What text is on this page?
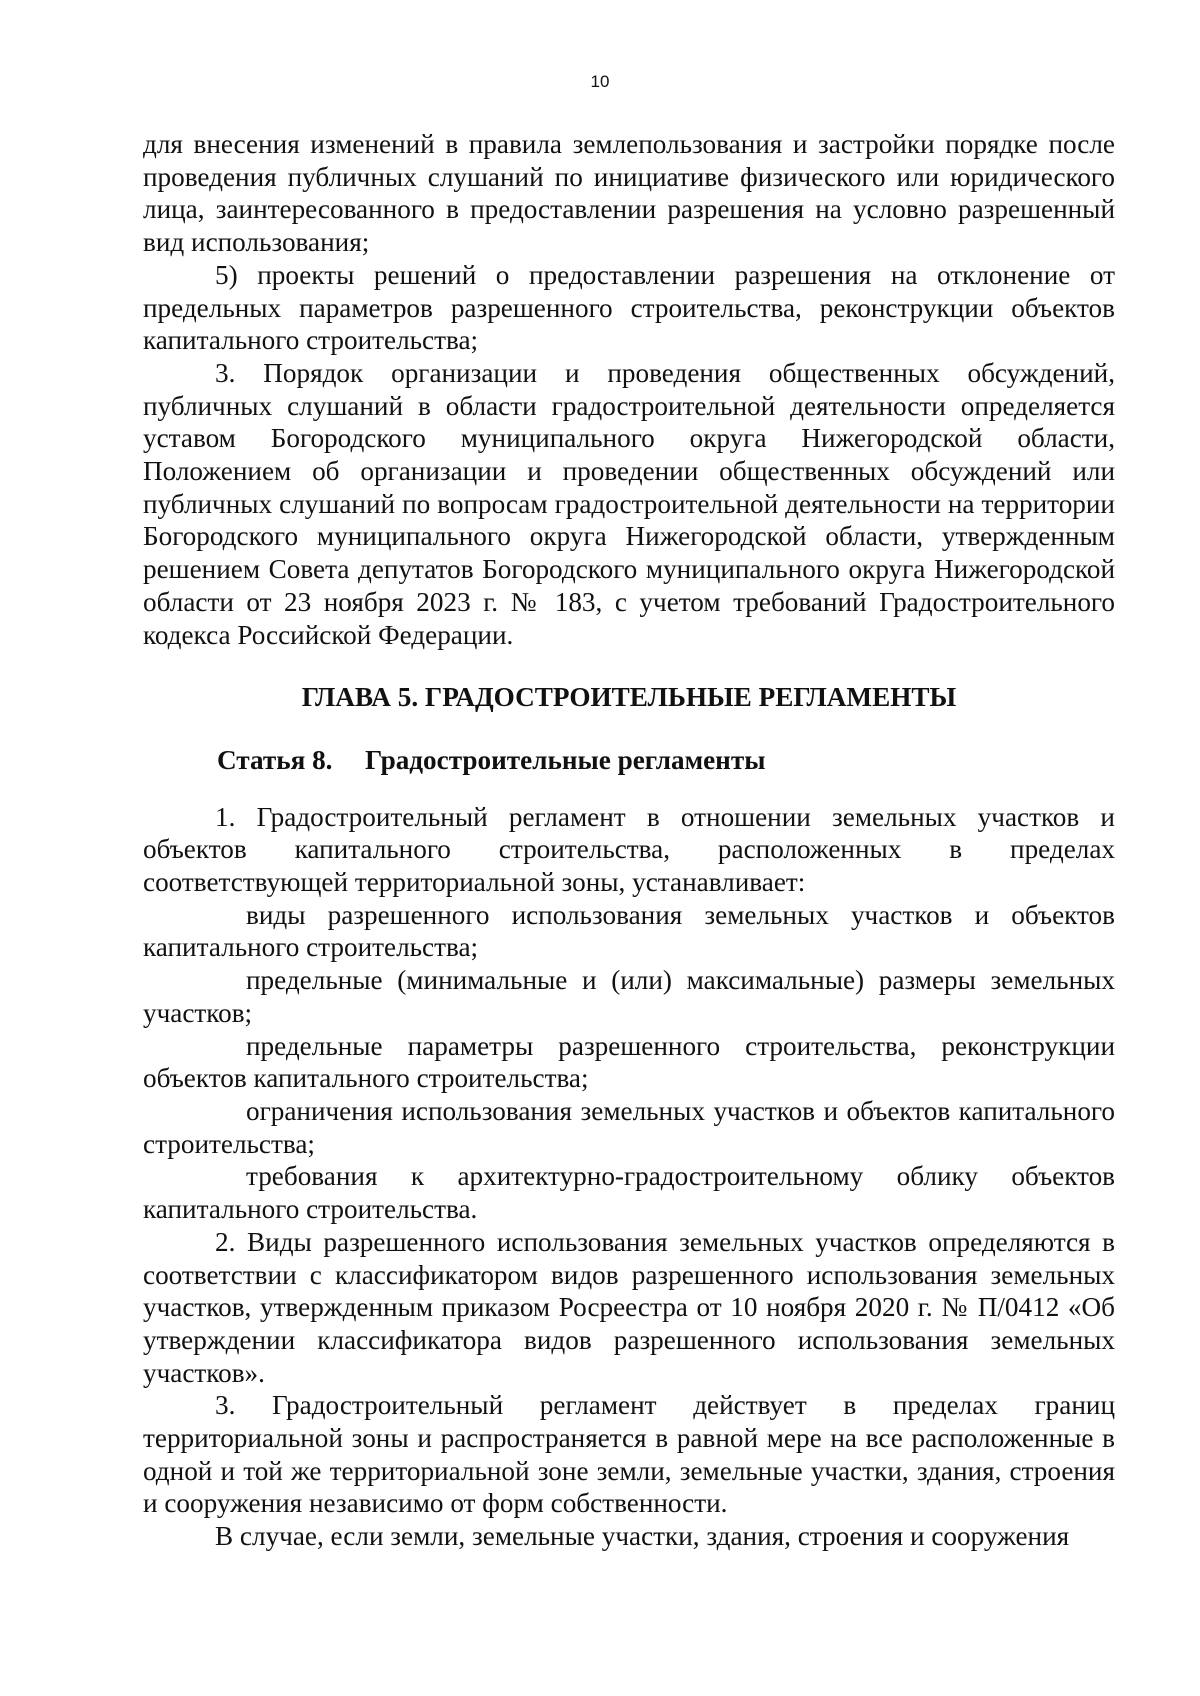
10

для внесения изменений в правила землепользования и застройки порядке после проведения публичных слушаний по инициативе физического или юридического лица, заинтересованного в предоставлении разрешения на условно разрешенный вид использования;

5) проекты решений о предоставлении разрешения на отклонение от предельных параметров разрешенного строительства, реконструкции объектов капитального строительства;

3. Порядок организации и проведения общественных обсуждений, публичных слушаний в области градостроительной деятельности определяется уставом Богородского муниципального округа Нижегородской области, Положением об организации и проведении общественных обсуждений или публичных слушаний по вопросам градостроительной деятельности на территории Богородского муниципального округа Нижегородской области, утвержденным решением Совета депутатов Богородского муниципального округа Нижегородской области от 23 ноября 2023 г. № 183, с учетом требований Градостроительного кодекса Российской Федерации.

ГЛАВА 5. ГРАДОСТРОИТЕЛЬНЫЕ РЕГЛАМЕНТЫ

Статья 8. Градостроительные регламенты

1. Градостроительный регламент в отношении земельных участков и объектов капитального строительства, расположенных в пределах соответствующей территориальной зоны, устанавливает:

виды разрешенного использования земельных участков и объектов капитального строительства;

предельные (минимальные и (или) максимальные) размеры земельных участков;

предельные параметры разрешенного строительства, реконструкции объектов капитального строительства;

ограничения использования земельных участков и объектов капитального строительства;

требования к архитектурно-градостроительному облику объектов капитального строительства.

2. Виды разрешенного использования земельных участков определяются в соответствии с классификатором видов разрешенного использования земельных участков, утвержденным приказом Росреестра от 10 ноября 2020 г. № П/0412 «Об утверждении классификатора видов разрешенного использования земельных участков».

3. Градостроительный регламент действует в пределах границ территориальной зоны и распространяется в равной мере на все расположенные в одной и той же территориальной зоне земли, земельные участки, здания, строения и сооружения независимо от форм собственности.

В случае, если земли, земельные участки, здания, строения и сооружения
